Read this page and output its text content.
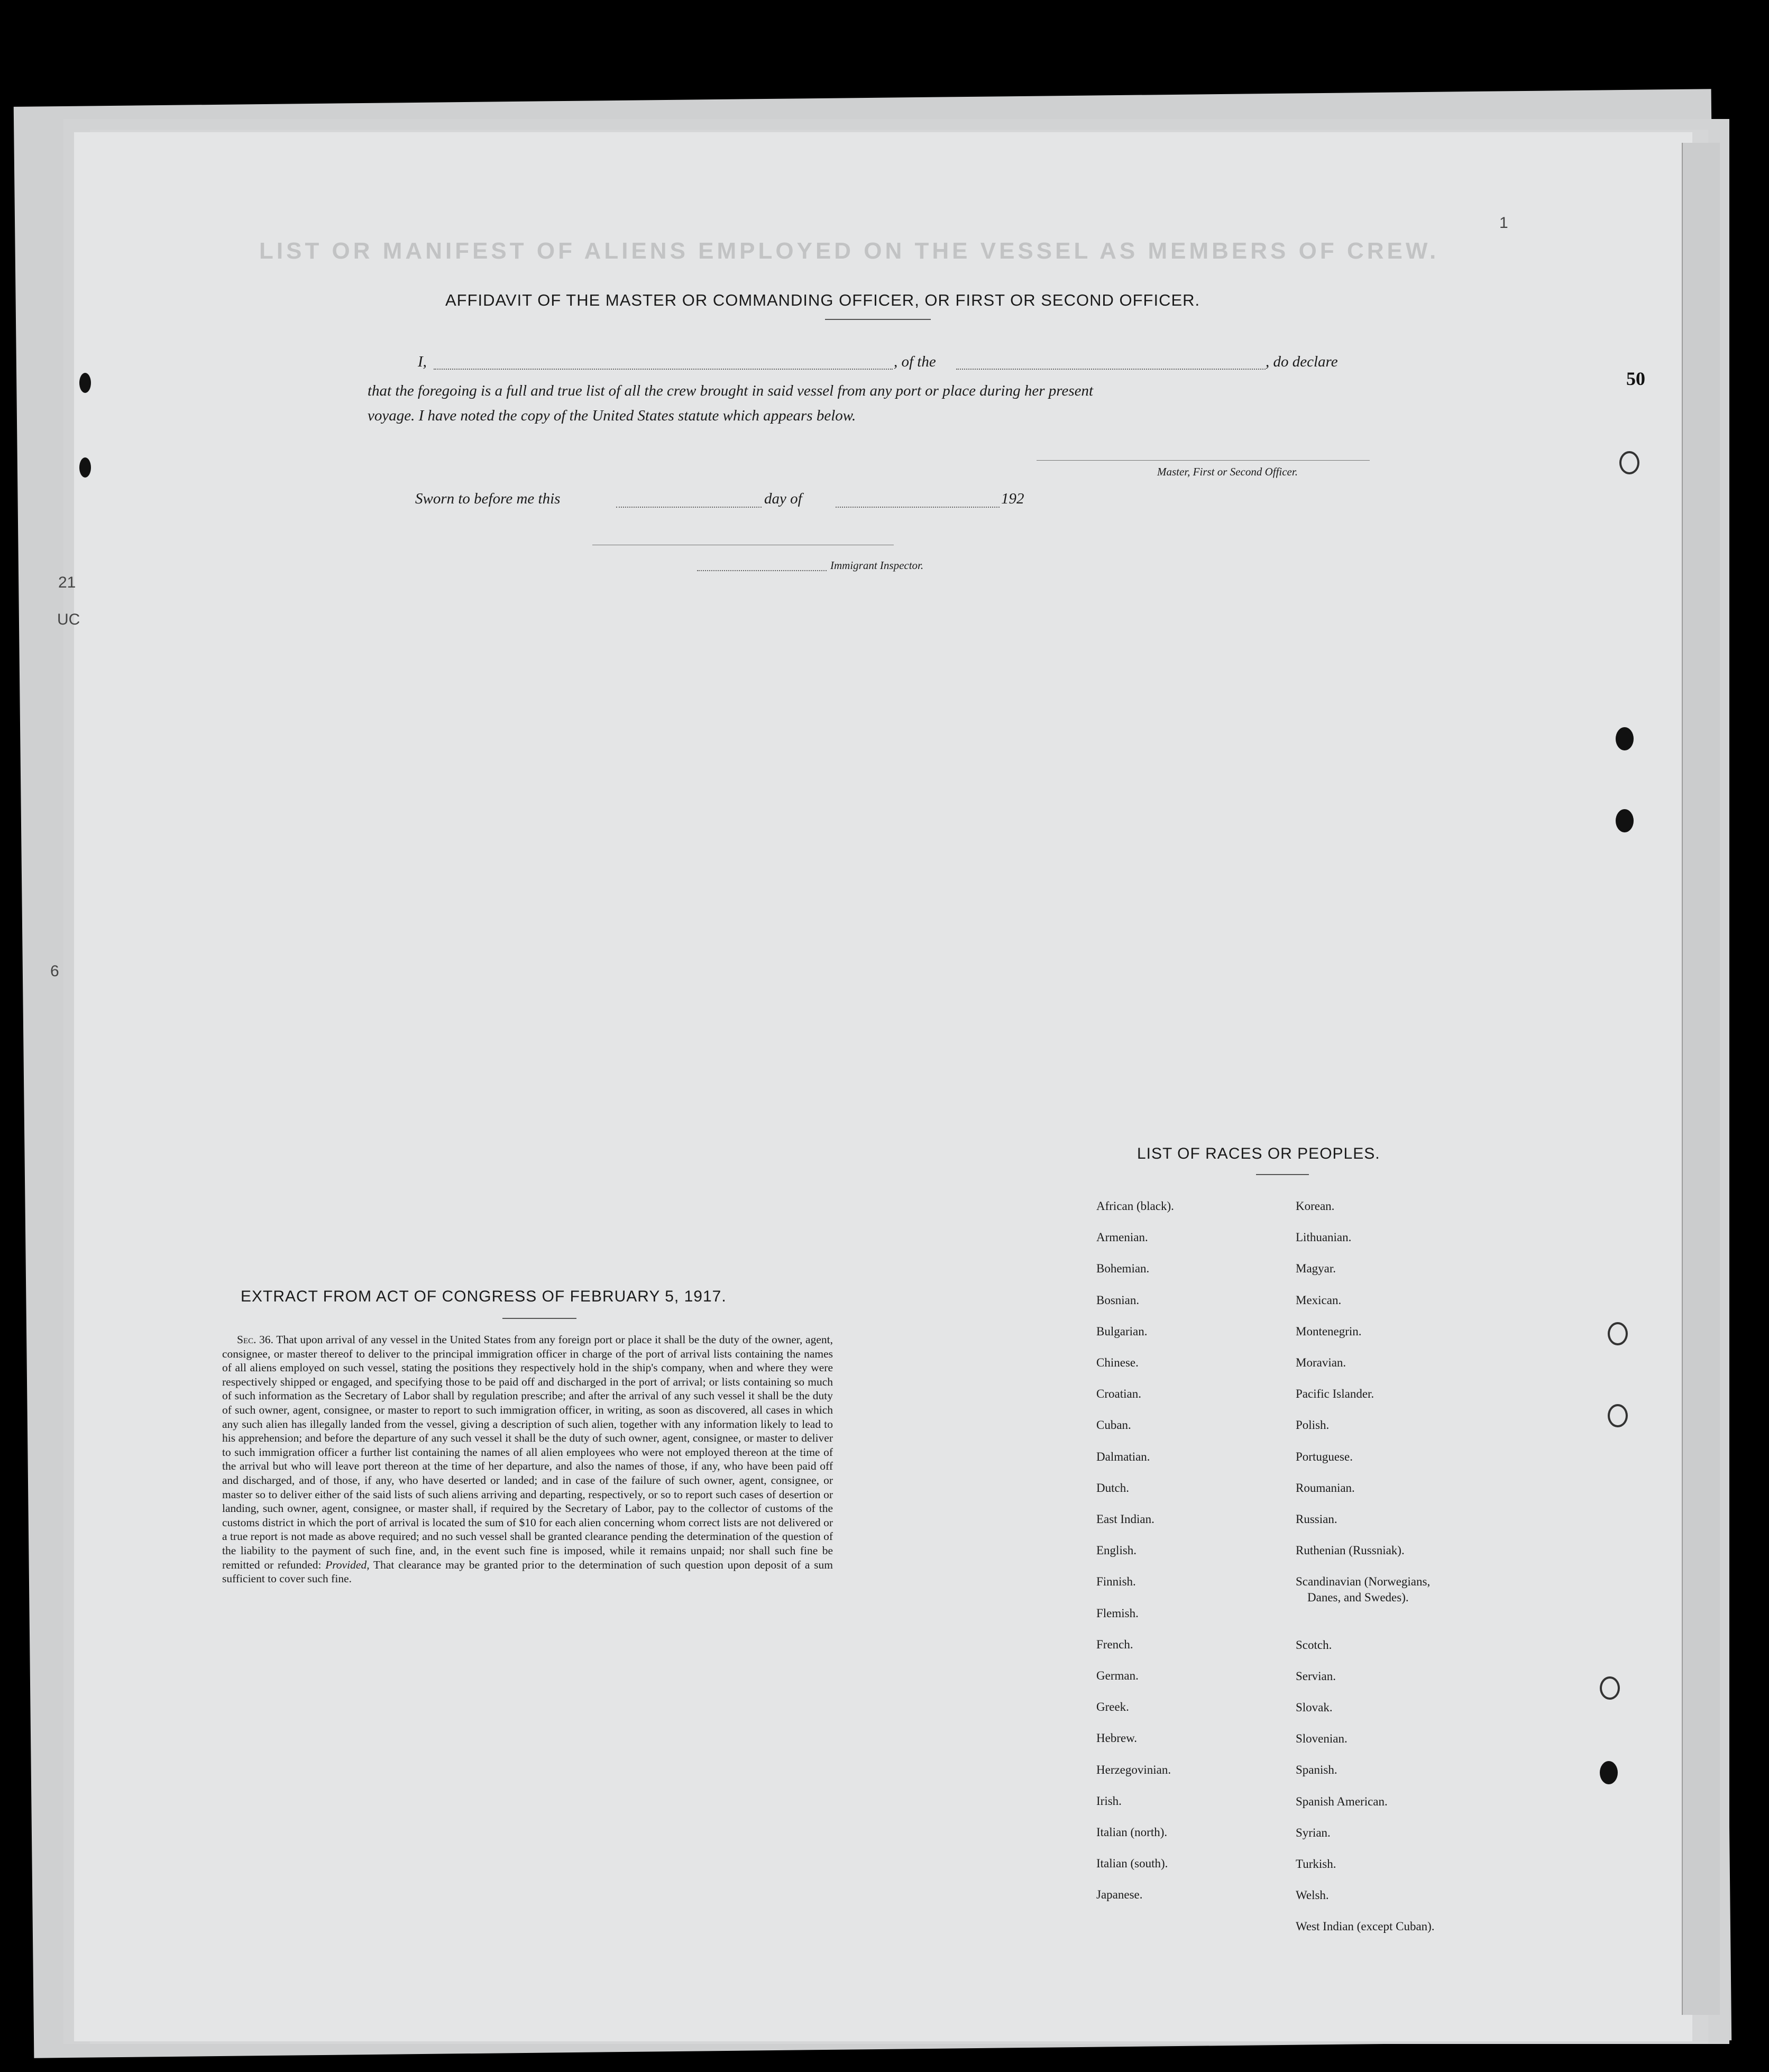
LIST OR MANIFEST OF ALIENS EMPLOYED ON THE VESSEL AS MEMBERS OF CREW.
21
UC
6
1
50
AFFIDAVIT OF THE MASTER OR COMMANDING OFFICER, OR FIRST OR SECOND OFFICER.
I,	, of the	, do declare
that the foregoing is a full and true list of all the crew brought in said vessel from any port or place during her present
voyage. I have noted the copy of the United States statute which appears below.
Master, First or Second Officer.
Sworn to before me this	day of	192
Immigrant Inspector.
EXTRACT FROM ACT OF CONGRESS OF FEBRUARY 5, 1917.
Sec. 36. That upon arrival of any vessel in the United States from any foreign port or place it shall be the duty of the owner, agent, consignee, or master thereof to deliver to the principal immigration officer in charge of the port of arrival lists containing the names of all aliens employed on such vessel, stating the positions they respectively hold in the ship's company, when and where they were respectively shipped or engaged, and specifying those to be paid off and discharged in the port of arrival; or lists containing so much of such information as the Secretary of Labor shall by regulation prescribe; and after the arrival of any such vessel it shall be the duty of such owner, agent, consignee, or master to report to such immigration officer, in writing, as soon as discovered, all cases in which any such alien has illegally landed from the vessel, giving a description of such alien, together with any information likely to lead to his apprehension; and before the departure of any such vessel it shall be the duty of such owner, agent, consignee, or master to deliver to such immigration officer a further list containing the names of all alien employees who were not employed thereon at the time of the arrival but who will leave port thereon at the time of her departure, and also the names of those, if any, who have been paid off and discharged, and of those, if any, who have deserted or landed; and in case of the failure of such owner, agent, consignee, or master so to deliver either of the said lists of such aliens arriving and departing, respectively, or so to report such cases of desertion or landing, such owner, agent, consignee, or master shall, if required by the Secretary of Labor, pay to the collector of customs of the customs district in which the port of arrival is located the sum of $10 for each alien concerning whom correct lists are not delivered or a true report is not made as above required; and no such vessel shall be granted clearance pending the determination of the question of the liability to the payment of such fine, and, in the event such fine is imposed, while it remains unpaid; nor shall such fine be remitted or refunded: Provided, That clearance may be granted prior to the determination of such question upon deposit of a sum sufficient to cover such fine.
LIST OF RACES OR PEOPLES.
African (black).
Armenian.
Bohemian.
Bosnian.
Bulgarian.
Chinese.
Croatian.
Cuban.
Dalmatian.
Dutch.
East Indian.
English.
Finnish.
Flemish.
French.
German.
Greek.
Hebrew.
Herzegovinian.
Irish.
Italian (north).
Italian (south).
Japanese.
Korean.
Lithuanian.
Magyar.
Mexican.
Montenegrin.
Moravian.
Pacific Islander.
Polish.
Portuguese.
Roumanian.
Russian.
Ruthenian (Russniak).
Scandinavian (Norwegians,
Danes, and Swedes).
Scotch.
Servian.
Slovak.
Slovenian.
Spanish.
Spanish American.
Syrian.
Turkish.
Welsh.
West Indian (except Cuban).
